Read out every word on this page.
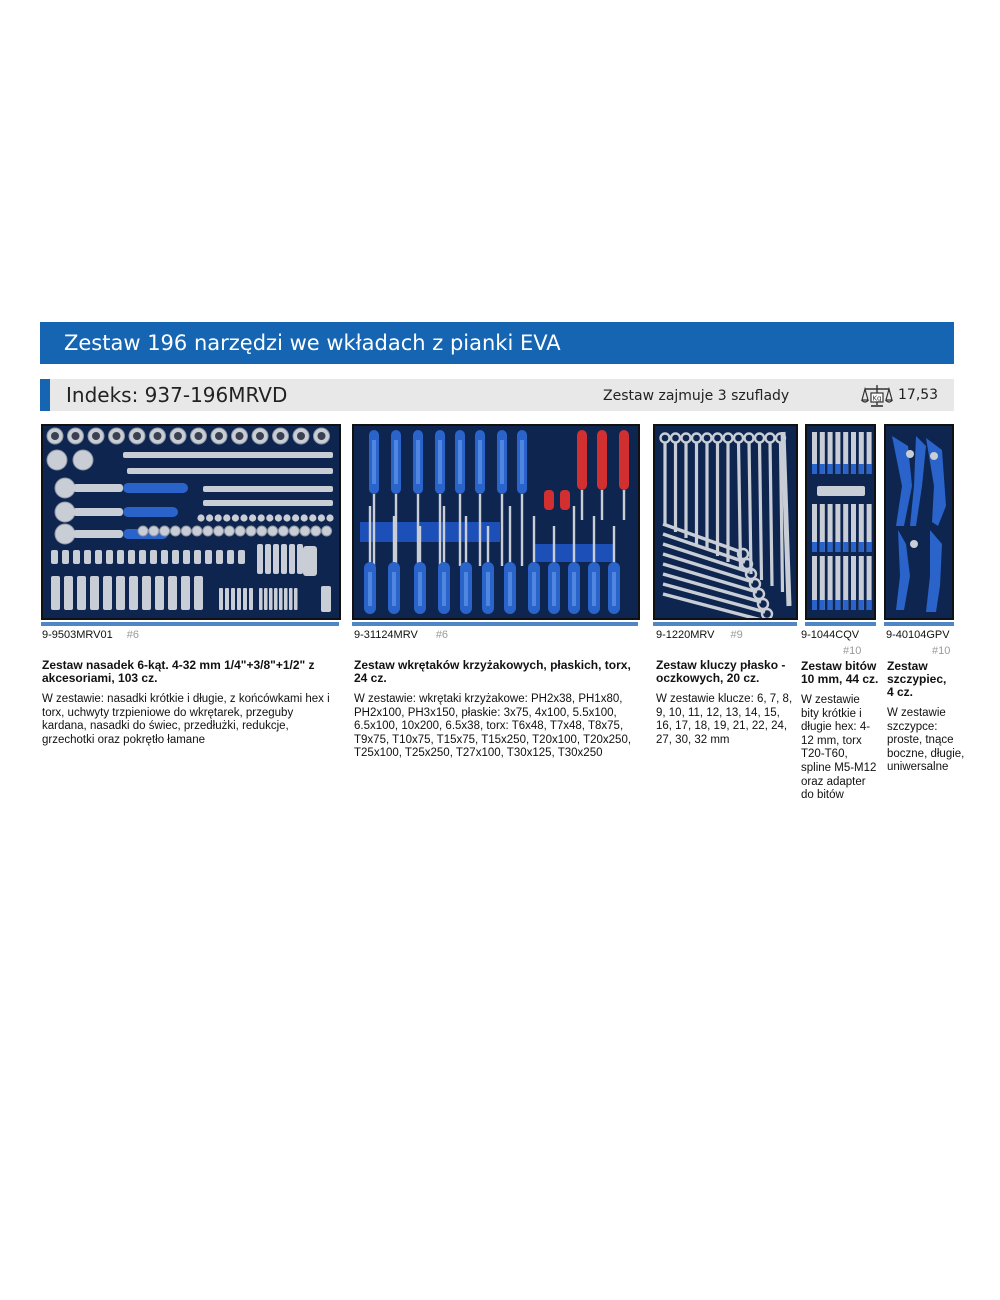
Zestaw 196 narzędzi we wkładach z pianki EVA
Indeks: 937-196MRVD	Zestaw zajmuje 3 szuflady	Kg 17,53
9-9503MRV01 #6
Zestaw nasadek 6-kąt. 4-32 mm 1/4"+3/8"+1/2" z akcesoriami, 103 cz.
W zestawie: nasadki krótkie i długie, z końcówkami hex i torx, uchwyty trzpieniowe do wkrętarek, przeguby kardana, nasadki do świec, przedłużki, redukcje, grzechotki oraz pokrętło łamane
9-31124MRV #6
Zestaw wkrętaków krzyżakowych, płaskich, torx, 24 cz.
W zestawie: wkrętaki krzyżakowe: PH2x38, PH1x80, PH2x100, PH3x150, płaskie: 3x75, 4x100, 5.5x100, 6.5x100, 10x200, 6.5x38, torx: T6x48, T7x48, T8x75, T9x75, T10x75, T15x75, T15x250, T20x100, T20x250, T25x100, T25x250, T27x100, T30x125, T30x250
9-1220MRV #9
Zestaw kluczy płasko - oczkowych, 20 cz.
W zestawie klucze: 6, 7, 8, 9, 10, 11, 12, 13, 14, 15, 16, 17, 18, 19, 21, 22, 24, 27, 30, 32 mm
9-1044CQV
#10
Zestaw bitów 10 mm, 44 cz.
W zestawie bity krótkie i długie hex: 4-12 mm, torx T20-T60, spline M5-M12 oraz adapter do bitów
9-40104GPV
#10
Zestaw szczypiec, 4 cz.
W zestawie szczypce: proste, tnące boczne, długie, uniwersalne
